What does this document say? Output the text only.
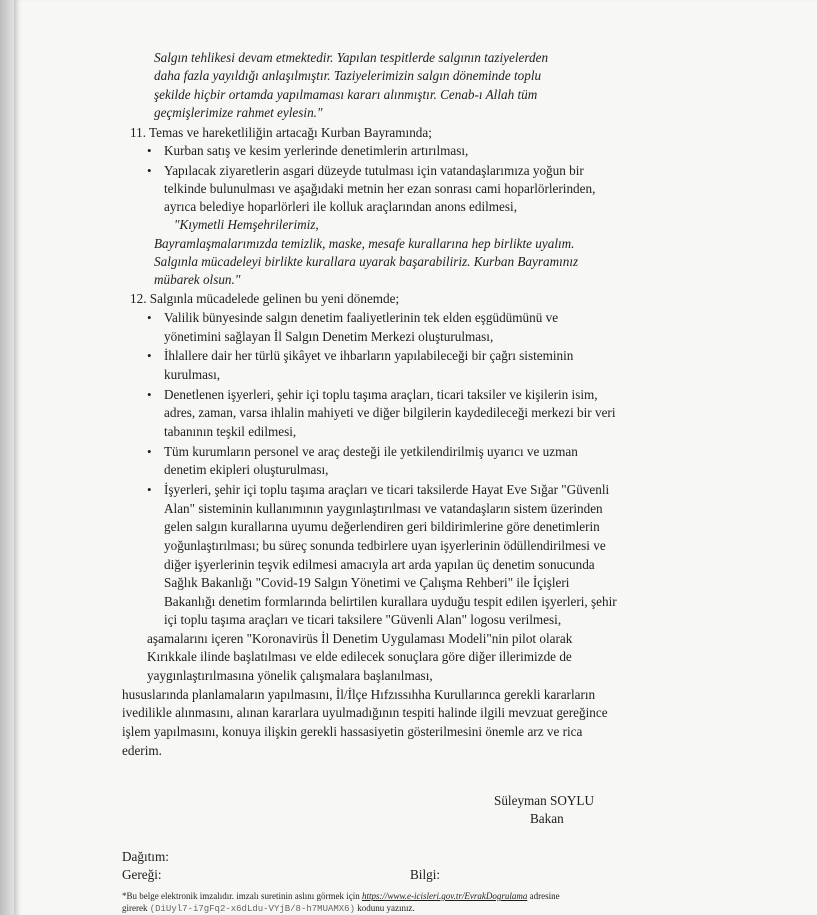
Salgın tehlikesi devam etmektedir. Yapılan tespitlerde salgının taziyelerden
daha fazla yayıldığı anlaşılmıştır. Taziyelerimizin salgın döneminde toplu
şekilde hiçbir ortamda yapılmaması kararı alınmıştır. Cenab-ı Allah tüm
geçmişlerimize rahmet eylesin."
11. Temas ve hareketliliğin artacağı Kurban Bayramında;
• Kurban satış ve kesim yerlerinde denetimlerin artırılması,
• Yapılacak ziyaretlerin asgari düzeyde tutulması için vatandaşlarımıza yoğun bir
telkinde bulunulması ve aşağıdaki metnin her ezan sonrası cami hoparlörlerinden,
ayrıca belediye hoparlörleri ile kolluk araçlarından anons edilmesi,
"Kıymetli Hemşehrilerimiz,
Bayramlaşmalarımızda temizlik, maske, mesafe kurallarına hep birlikte uyalım.
Salgınla mücadeleyi birlikte kurallara uyarak başarabiliriz. Kurban Bayramınız
mübarek olsun."
12. Salgınla mücadelede gelinen bu yeni dönemde;
• Valilik bünyesinde salgın denetim faaliyetlerinin tek elden eşgüdümünü ve
yönetimini sağlayan İl Salgın Denetim Merkezi oluşturulması,
• İhlallere dair her türlü şikâyet ve ihbarların yapılabileceği bir çağrı sisteminin
kurulması,
• Denetlenen işyerleri, şehir içi toplu taşıma araçları, ticari taksiler ve kişilerin isim,
adres, zaman, varsa ihlalin mahiyeti ve diğer bilgilerin kaydedileceği merkezi bir veri
tabanının teşkil edilmesi,
• Tüm kurumların personel ve araç desteği ile yetkilendirilmiş uyarıcı ve uzman
denetim ekipleri oluşturulması,
• İşyerleri, şehir içi toplu taşıma araçları ve ticari taksilerde Hayat Eve Sığar "Güvenli
Alan" sisteminin kullanımının yaygınlaştırılması ve vatandaşların sistem üzerinden
gelen salgın kurallarına uyumu değerlendiren geri bildirimlerine göre denetimlerin
yoğunlaştırılması; bu süreç sonunda tedbirlere uyan işyerlerinin ödüllendirilmesi ve
diğer işyerlerinin teşvik edilmesi amacıyla art arda yapılan üç denetim sonucunda
Sağlık Bakanlığı "Covid-19 Salgın Yönetimi ve Çalışma Rehberi" ile İçişleri
Bakanlığı denetim formlarında belirtilen kurallara uyduğu tespit edilen işyerleri, şehir
içi toplu taşıma araçları ve ticari taksilere "Güvenli Alan" logosu verilmesi,
aşamalarını içeren "Koronavirüs İl Denetim Uygulaması Modeli"nin pilot olarak
Kırıkkale ilinde başlatılması ve elde edilecek sonuçlara göre diğer illerimizde de
yaygınlaştırılmasına yönelik çalışmalara başlanılması,
hususlarında planlamaların yapılmasını, İl/İlçe Hıfzıssıhha Kurullarınca gerekli kararların
ivedilikle alınmasını, alınan kararlara uyulmadığının tespiti halinde ilgili mevzuat gereğince
işlem yapılmasını, konuya ilişkin gerekli hassasiyetin gösterilmesini önemle arz ve rica
ederim.
Süleyman SOYLU
Bakan
Dağıtım:
Gereği:	Bilgi:
*Bu belge elektronik imzalıdır. imzalı suretinin aslını görmek için https://www.e-icisleri.gov.tr/EvrakDogrulama adresine
girerek (DiUyl7-i7gFq2-x6dLdu-VYjB/8-h7MUAMX6) kodunu yazınız.
